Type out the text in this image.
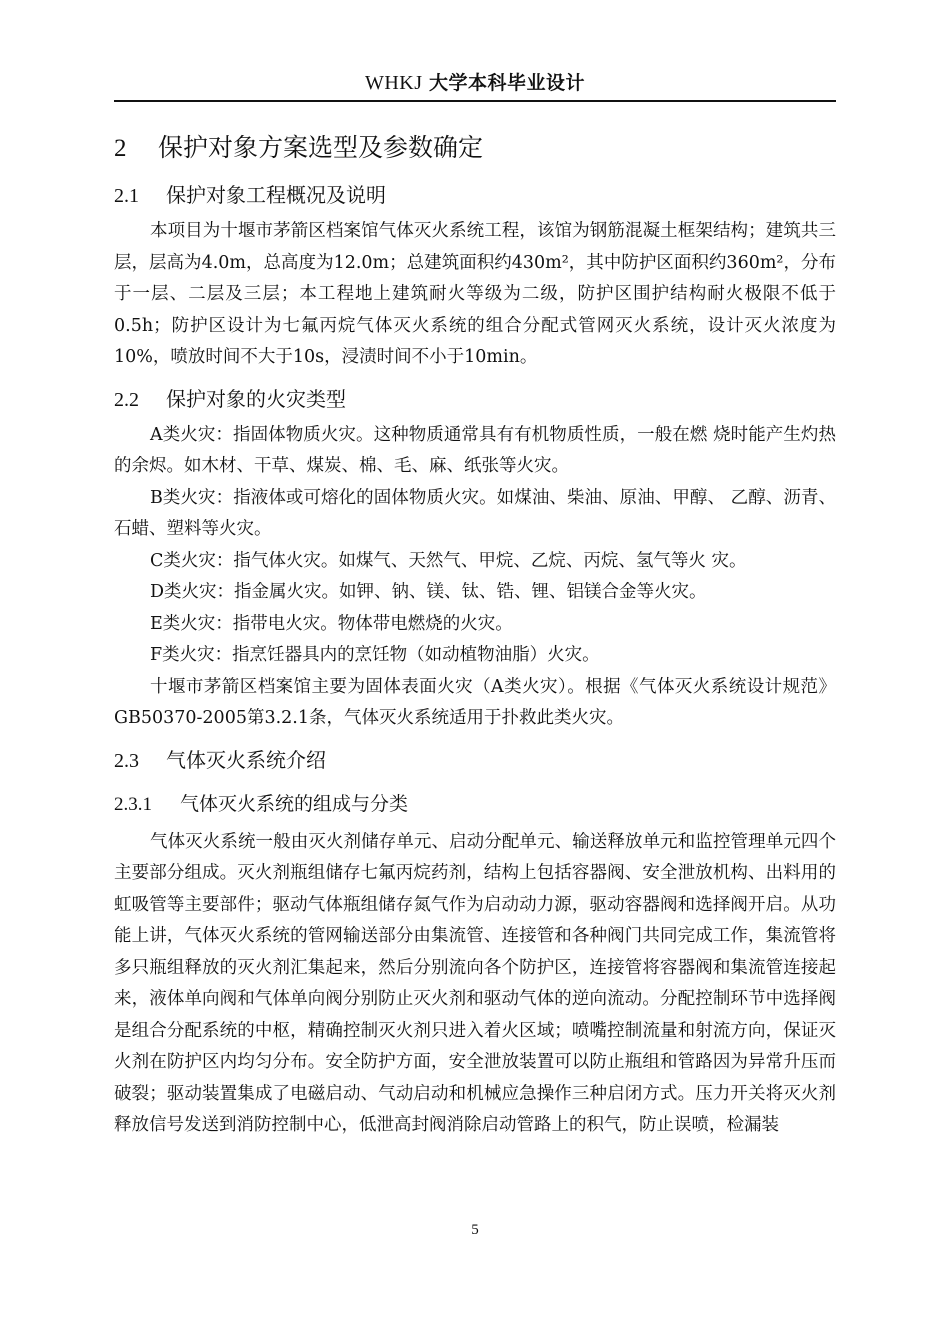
WHKJ 大学本科毕业设计
2 保护对象方案选型及参数确定
2.1 保护对象工程概况及说明

本项目为十堰市茅箭区档案馆气体灭火系统工程，该馆为钢筋混凝土框架结构；建筑共三层，层高为4.0m，总高度为12.0m；总建筑面积约430m²，其中防护区面积约360m²，分布于一层、二层及三层；本工程地上建筑耐火等级为二级，防护区围护结构耐火极限不低于0.5h；防护区设计为七氟丙烷气体灭火系统的组合分配式管网灭火系统，设计灭火浓度为10%，喷放时间不大于10s，浸渍时间不小于10min。

2.2 保护对象的火灾类型

A类火灾：指固体物质火灾。这种物质通常具有有机物质性质，一般在燃 烧时能产生灼热的余烬。如木材、干草、煤炭、棉、毛、麻、纸张等火灾。

B类火灾：指液体或可熔化的固体物质火灾。如煤油、柴油、原油、甲醇、 乙醇、沥青、石蜡、塑料等火灾。

C类火灾：指气体火灾。如煤气、天然气、甲烷、乙烷、丙烷、氢气等火 灾。

D类火灾：指金属火灾。如钾、钠、镁、钛、锆、锂、铝镁合金等火灾。

E类火灾：指带电火灾。物体带电燃烧的火灾。

F类火灾：指烹饪器具内的烹饪物（如动植物油脂）火灾。

十堰市茅箭区档案馆主要为固体表面火灾（A类火灾）。根据《气体灭火系统设计规范》GB50370-2005第3.2.1条，气体灭火系统适用于扑救此类火灾。

2.3 气体灭火系统介绍
2.3.1 气体灭火系统的组成与分类

气体灭火系统一般由灭火剂储存单元、启动分配单元、输送释放单元和监控管理单元四个主要部分组成。灭火剂瓶组储存七氟丙烷药剂，结构上包括容器阀、安全泄放机构、出料用的虹吸管等主要部件；驱动气体瓶组储存氮气作为启动动力源，驱动容器阀和选择阀开启。从功能上讲，气体灭火系统的管网输送部分由集流管、连接管和各种阀门共同完成工作，集流管将多只瓶组释放的灭火剂汇集起来，然后分别流向各个防护区，连接管将容器阀和集流管连接起来，液体单向阀和气体单向阀分别防止灭火剂和驱动气体的逆向流动。分配控制环节中选择阀是组合分配系统的中枢，精确控制灭火剂只进入着火区域；喷嘴控制流量和射流方向，保证灭火剂在防护区内均匀分布。安全防护方面，安全泄放装置可以防止瓶组和管路因为异常升压而破裂；驱动装置集成了电磁启动、气动启动和机械应急操作三种启闭方式。压力开关将灭火剂释放信号发送到消防控制中心，低泄高封阀消除启动管路上的积气，防止误喷，检漏装

5
